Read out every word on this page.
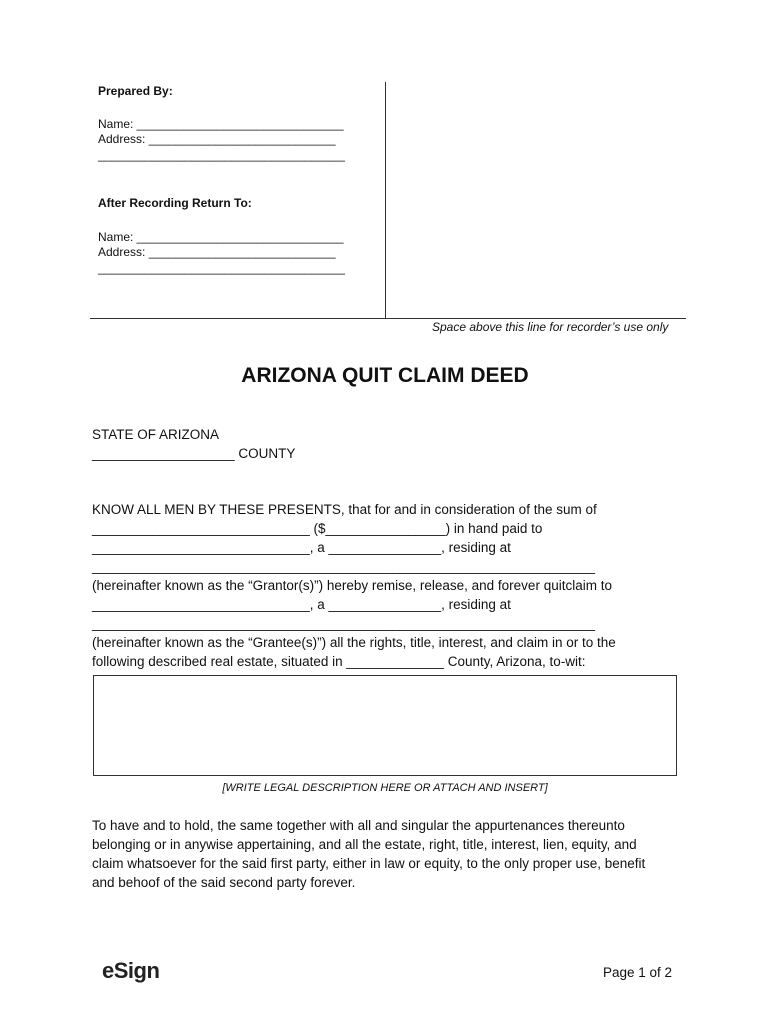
Prepared By:

Name: _______________________________

Address: ____________________________

_____________________________________

After Recording Return To:

Name: _______________________________

Address: ____________________________

_____________________________________

Space above this line for recorder’s use only

ARIZONA QUIT CLAIM DEED

STATE OF ARIZONA

___________________ COUNTY

KNOW ALL MEN BY THESE PRESENTS, that for and in consideration of the sum of

_____________________________ ($________________) in hand paid to

_____________________________, a _______________, residing at

___________________________________________________________________

(hereinafter known as the “Grantor(s)”) hereby remise, release, and forever quitclaim to

_____________________________, a _______________, residing at

___________________________________________________________________

(hereinafter known as the “Grantee(s)”) all the rights, title, interest, and claim in or to the

following described real estate, situated in _____________ County, Arizona, to-wit:

[WRITE LEGAL DESCRIPTION HERE OR ATTACH AND INSERT]

To have and to hold, the same together with all and singular the appurtenances thereunto

belonging or in anywise appertaining, and all the estate, right, title, interest, lien, equity, and

claim whatsoever for the said first party, either in law or equity, to the only proper use, benefit

and behoof of the said second party forever.

eSign	Page 1 of 2
